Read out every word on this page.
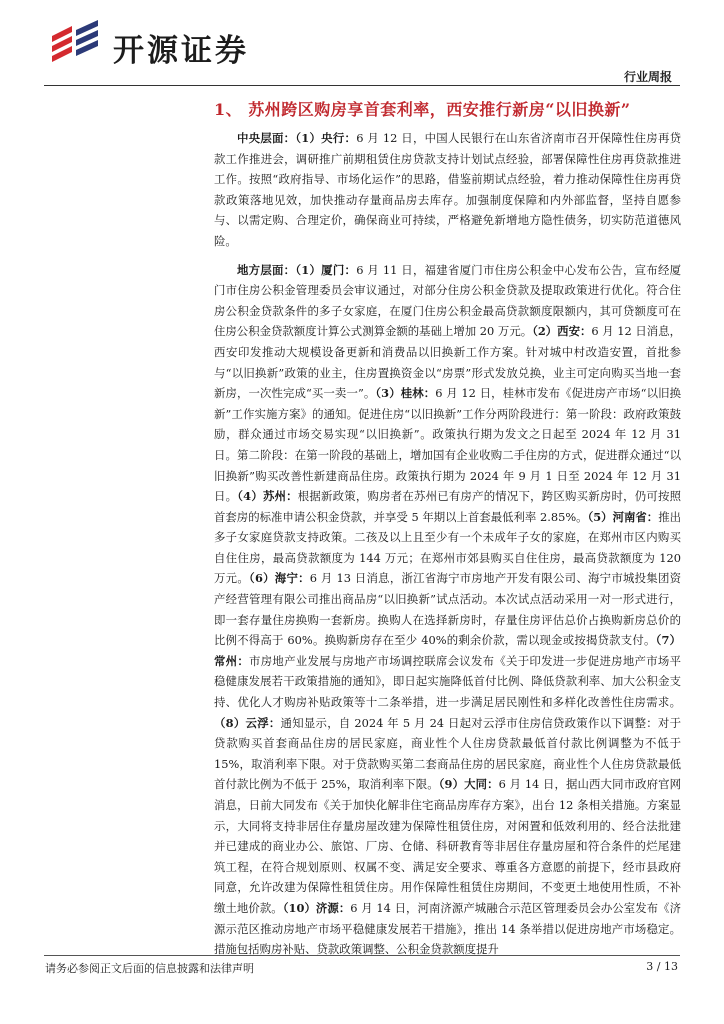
开源证券
行业周报
1、 苏州跨区购房享首套利率，西安推行新房“以旧换新”

中央层面：（1）央行：6 月 12 日，中国人民银行在山东省济南市召开保障性住房再贷款工作推进会，调研推广前期租赁住房贷款支持计划试点经验，部署保障性住房再贷款推进工作。按照“政府指导、市场化运作”的思路，借鉴前期试点经验，着力推动保障性住房再贷款政策落地见效，加快推动存量商品房去库存。加强制度保障和内外部监督，坚持自愿参与、以需定购、合理定价，确保商业可持续，严格避免新增地方隐性债务，切实防范道德风险。

地方层面：（1）厦门：6 月 11 日，福建省厦门市住房公积金中心发布公告，宣布经厦门市住房公积金管理委员会审议通过，对部分住房公积金贷款及提取政策进行优化。符合住房公积金贷款条件的多子女家庭，在厦门住房公积金最高贷款额度限额内，其可贷额度可在住房公积金贷款额度计算公式测算金额的基础上增加 20 万元。（2）西安：6 月 12 日消息，西安印发推动大规模设备更新和消费品以旧换新工作方案。针对城中村改造安置，首批参与“以旧换新”政策的业主，住房置换资金以“房票”形式发放兑换，业主可定向购买当地一套新房，一次性完成“买一卖一”。（3）桂林：6 月 12 日，桂林市发布《促进房产市场“以旧换新”工作实施方案》的通知。促进住房“以旧换新”工作分两阶段进行：第一阶段：政府政策鼓励，群众通过市场交易实现“以旧换新”。政策执行期为发文之日起至 2024 年 12 月 31 日。第二阶段：在第一阶段的基础上，增加国有企业收购二手住房的方式，促进群众通过“以旧换新”购买改善性新建商品住房。政策执行期为 2024 年 9 月 1 日至 2024 年 12 月 31 日。（4）苏州：根据新政策，购房者在苏州已有房产的情况下，跨区购买新房时，仍可按照首套房的标准申请公积金贷款，并享受 5 年期以上首套最低利率 2.85%。（5）河南省：推出多子女家庭贷款支持政策。二孩及以上且至少有一个未成年子女的家庭，在郑州市区内购买自住住房，最高贷款额度为 144 万元；在郑州市郊县购买自住住房，最高贷款额度为 120 万元。（6）海宁：6 月 13 日消息，浙江省海宁市房地产开发有限公司、海宁市城投集团资产经营管理有限公司推出商品房“以旧换新”试点活动。本次试点活动采用一对一形式进行，即一套存量住房换购一套新房。换购人在选择新房时，存量住房评估总价占换购新房总价的比例不得高于 60%。换购新房存在至少 40%的剩余价款，需以现金或按揭贷款支付。（7）常州：市房地产业发展与房地产市场调控联席会议发布《关于印发进一步促进房地产市场平稳健康发展若干政策措施的通知》，即日起实施降低首付比例、降低贷款利率、加大公积金支持、优化人才购房补贴政策等十二条举措，进一步满足居民刚性和多样化改善性住房需求。（8）云浮：通知显示，自 2024 年 5 月 24 日起对云浮市住房信贷政策作以下调整：对于贷款购买首套商品住房的居民家庭，商业性个人住房贷款最低首付款比例调整为不低于 15%，取消利率下限。对于贷款购买第二套商品住房的居民家庭，商业性个人住房贷款最低首付款比例为不低于 25%，取消利率下限。（9）大同：6 月 14 日，据山西大同市政府官网消息，日前大同发布《关于加快化解非住宅商品房库存方案》，出台 12 条相关措施。方案显示，大同将支持非居住存量房屋改建为保障性租赁住房，对闲置和低效利用的、经合法批建并已建成的商业办公、旅馆、厂房、仓储、科研教育等非居住存量房屋和符合条件的烂尾建筑工程，在符合规划原则、权属不变、满足安全要求、尊重各方意愿的前提下，经市县政府同意，允许改建为保障性租赁住房。用作保障性租赁住房期间，不变更土地使用性质，不补缴土地价款。（10）济源：6 月 14 日，河南济源产城融合示范区管理委员会办公室发布《济源示范区推动房地产市场平稳健康发展若干措施》，推出 14 条举措以促进房地产市场稳定。措施包括购房补贴、贷款政策调整、公积金贷款额度提升

请务必参阅正文后面的信息披露和法律声明	3 / 13
